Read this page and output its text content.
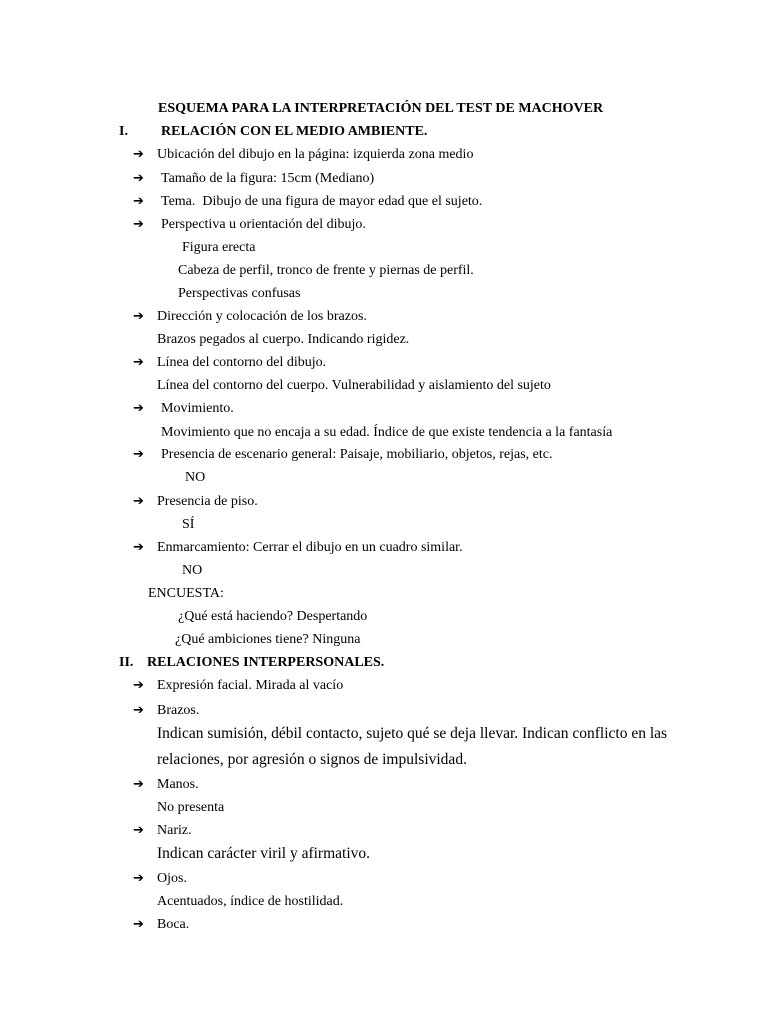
ESQUEMA PARA LA INTERPRETACIÓN DEL TEST DE MACHOVER
I. RELACIÓN CON EL MEDIO AMBIENTE.
➔ Ubicación del dibujo en la página: izquierda zona medio
➔ Tamaño de la figura: 15cm (Mediano)
➔ Tema.  Dibujo de una figura de mayor edad que el sujeto.
➔ Perspectiva u orientación del dibujo.
Figura erecta
Cabeza de perfil, tronco de frente y piernas de perfil.
Perspectivas confusas
➔ Dirección y colocación de los brazos.
Brazos pegados al cuerpo. Indicando rigidez.
➔ Línea del contorno del dibujo.
Línea del contorno del cuerpo. Vulnerabilidad y aislamiento del sujeto
➔ Movimiento.
Movimiento que no encaja a su edad. Índice de que existe tendencia a la fantasía
➔ Presencia de escenario general: Paisaje, mobiliario, objetos, rejas, etc.
NO
➔ Presencia de piso.
SÍ
➔ Enmarcamiento: Cerrar el dibujo en un cuadro similar.
NO
ENCUESTA:
¿Qué está haciendo? Despertando
¿Qué ambiciones tiene? Ninguna
II. RELACIONES INTERPERSONALES.
➔ Expresión facial. Mirada al vacío
➔ Brazos.
Indican sumisión, débil contacto, sujeto qué se deja llevar. Indican conflicto en las
relaciones, por agresión o signos de impulsividad.
➔ Manos.
No presenta
➔ Nariz.
Indican carácter viril y afirmativo.
➔ Ojos.
Acentuados, índice de hostilidad.
➔ Boca.
